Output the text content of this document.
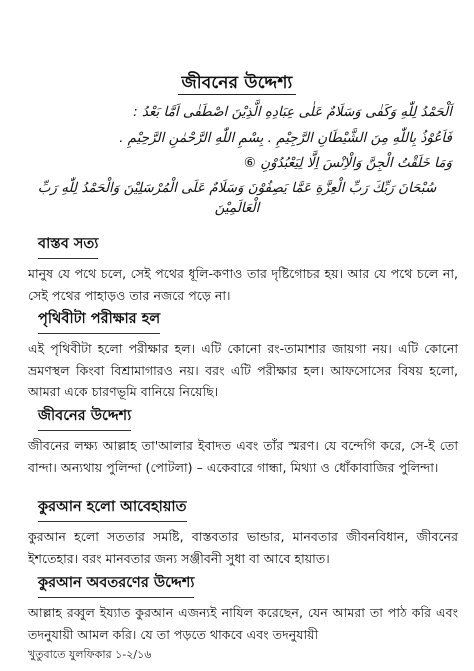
জীবনের উদ্দেশ্য
اَلْحَمْدُ لِلّٰهِ وَكَفٰى وَسَلَامٌ عَلٰى عِبَادِهِ الَّذِيْنَ اصْطَفٰى اَمَّا بَعْدُ :
فَاَعُوْذُ بِاللّٰهِ مِنَ الشَّيْطَانِ الرَّجِيْمِ . بِسْمِ اللّٰهِ الرَّحْمٰنِ الرَّحِيْمِ .
وَمَا خَلَقْتُ الْجِنَّ وَالْاِنْسَ اِلَّا لِيَعْبُدُوْنِ ⑥
سُبْحَانَ رَبِّكَ رَبِّ الْعِزَّةِ عَمَّا يَصِفُوْنَ وَسَلَامٌ عَلَى الْمُرْسَلِيْنَ وَالْحَمْدُ لِلّٰهِ رَبِّ الْعَالَمِيْنَ
বাস্তব সত্য
মানুষ যে পথে চলে, সেই পথের ধূলি-কণাও তার দৃষ্টিগোচর হয়। আর যে পথে চলে না, সেই পথের পাহাড়ও তার নজরে পড়ে না।
পৃথিবীটা পরীক্ষার হল
এই পৃথিবীটা হলো পরীক্ষার হল। এটি কোনো রং-তামাশার জায়গা নয়। এটি কোনো ভ্রমণস্থল কিংবা বিশ্রামাগারও নয়। বরং এটি পরীক্ষার হল। আফসোসের বিষয় হলো, আমরা একে চারণভূমি বানিয়ে নিয়েছি।
জীবনের উদ্দেশ্য
জীবনের লক্ষ্য আল্লাহ তা'আলার ইবাদত এবং তাঁর স্মরণ। যে বন্দেগি করে, সে-ই তো বান্দা। অন্যথায় পুলিন্দা (পোটলা) – একেবারে গান্ধা, মিথ্যা ও ধোঁকাবাজির পুলিন্দা।
কুরআন হলো আবেহায়াত
কুরআন হলো সততার সমষ্টি, বাস্তবতার ভান্ডার, মানবতার জীবনবিধান, জীবনের ইশতেহার। বরং মানবতার জন্য সঞ্জীবনী সুধা বা আবে হায়াত।
কুরআন অবতরণের উদ্দেশ্য
আল্লাহ রব্বুল ইয্যাত কুরআন এজন্যই নাযিল করেছেন, যেন আমরা তা পাঠ করি এবং তদনুযায়ী আমল করি। যে তা পড়তে থাকবে এবং তদনুযায়ী
খুতুবাতে যুলফিকার ১-২/১৬
